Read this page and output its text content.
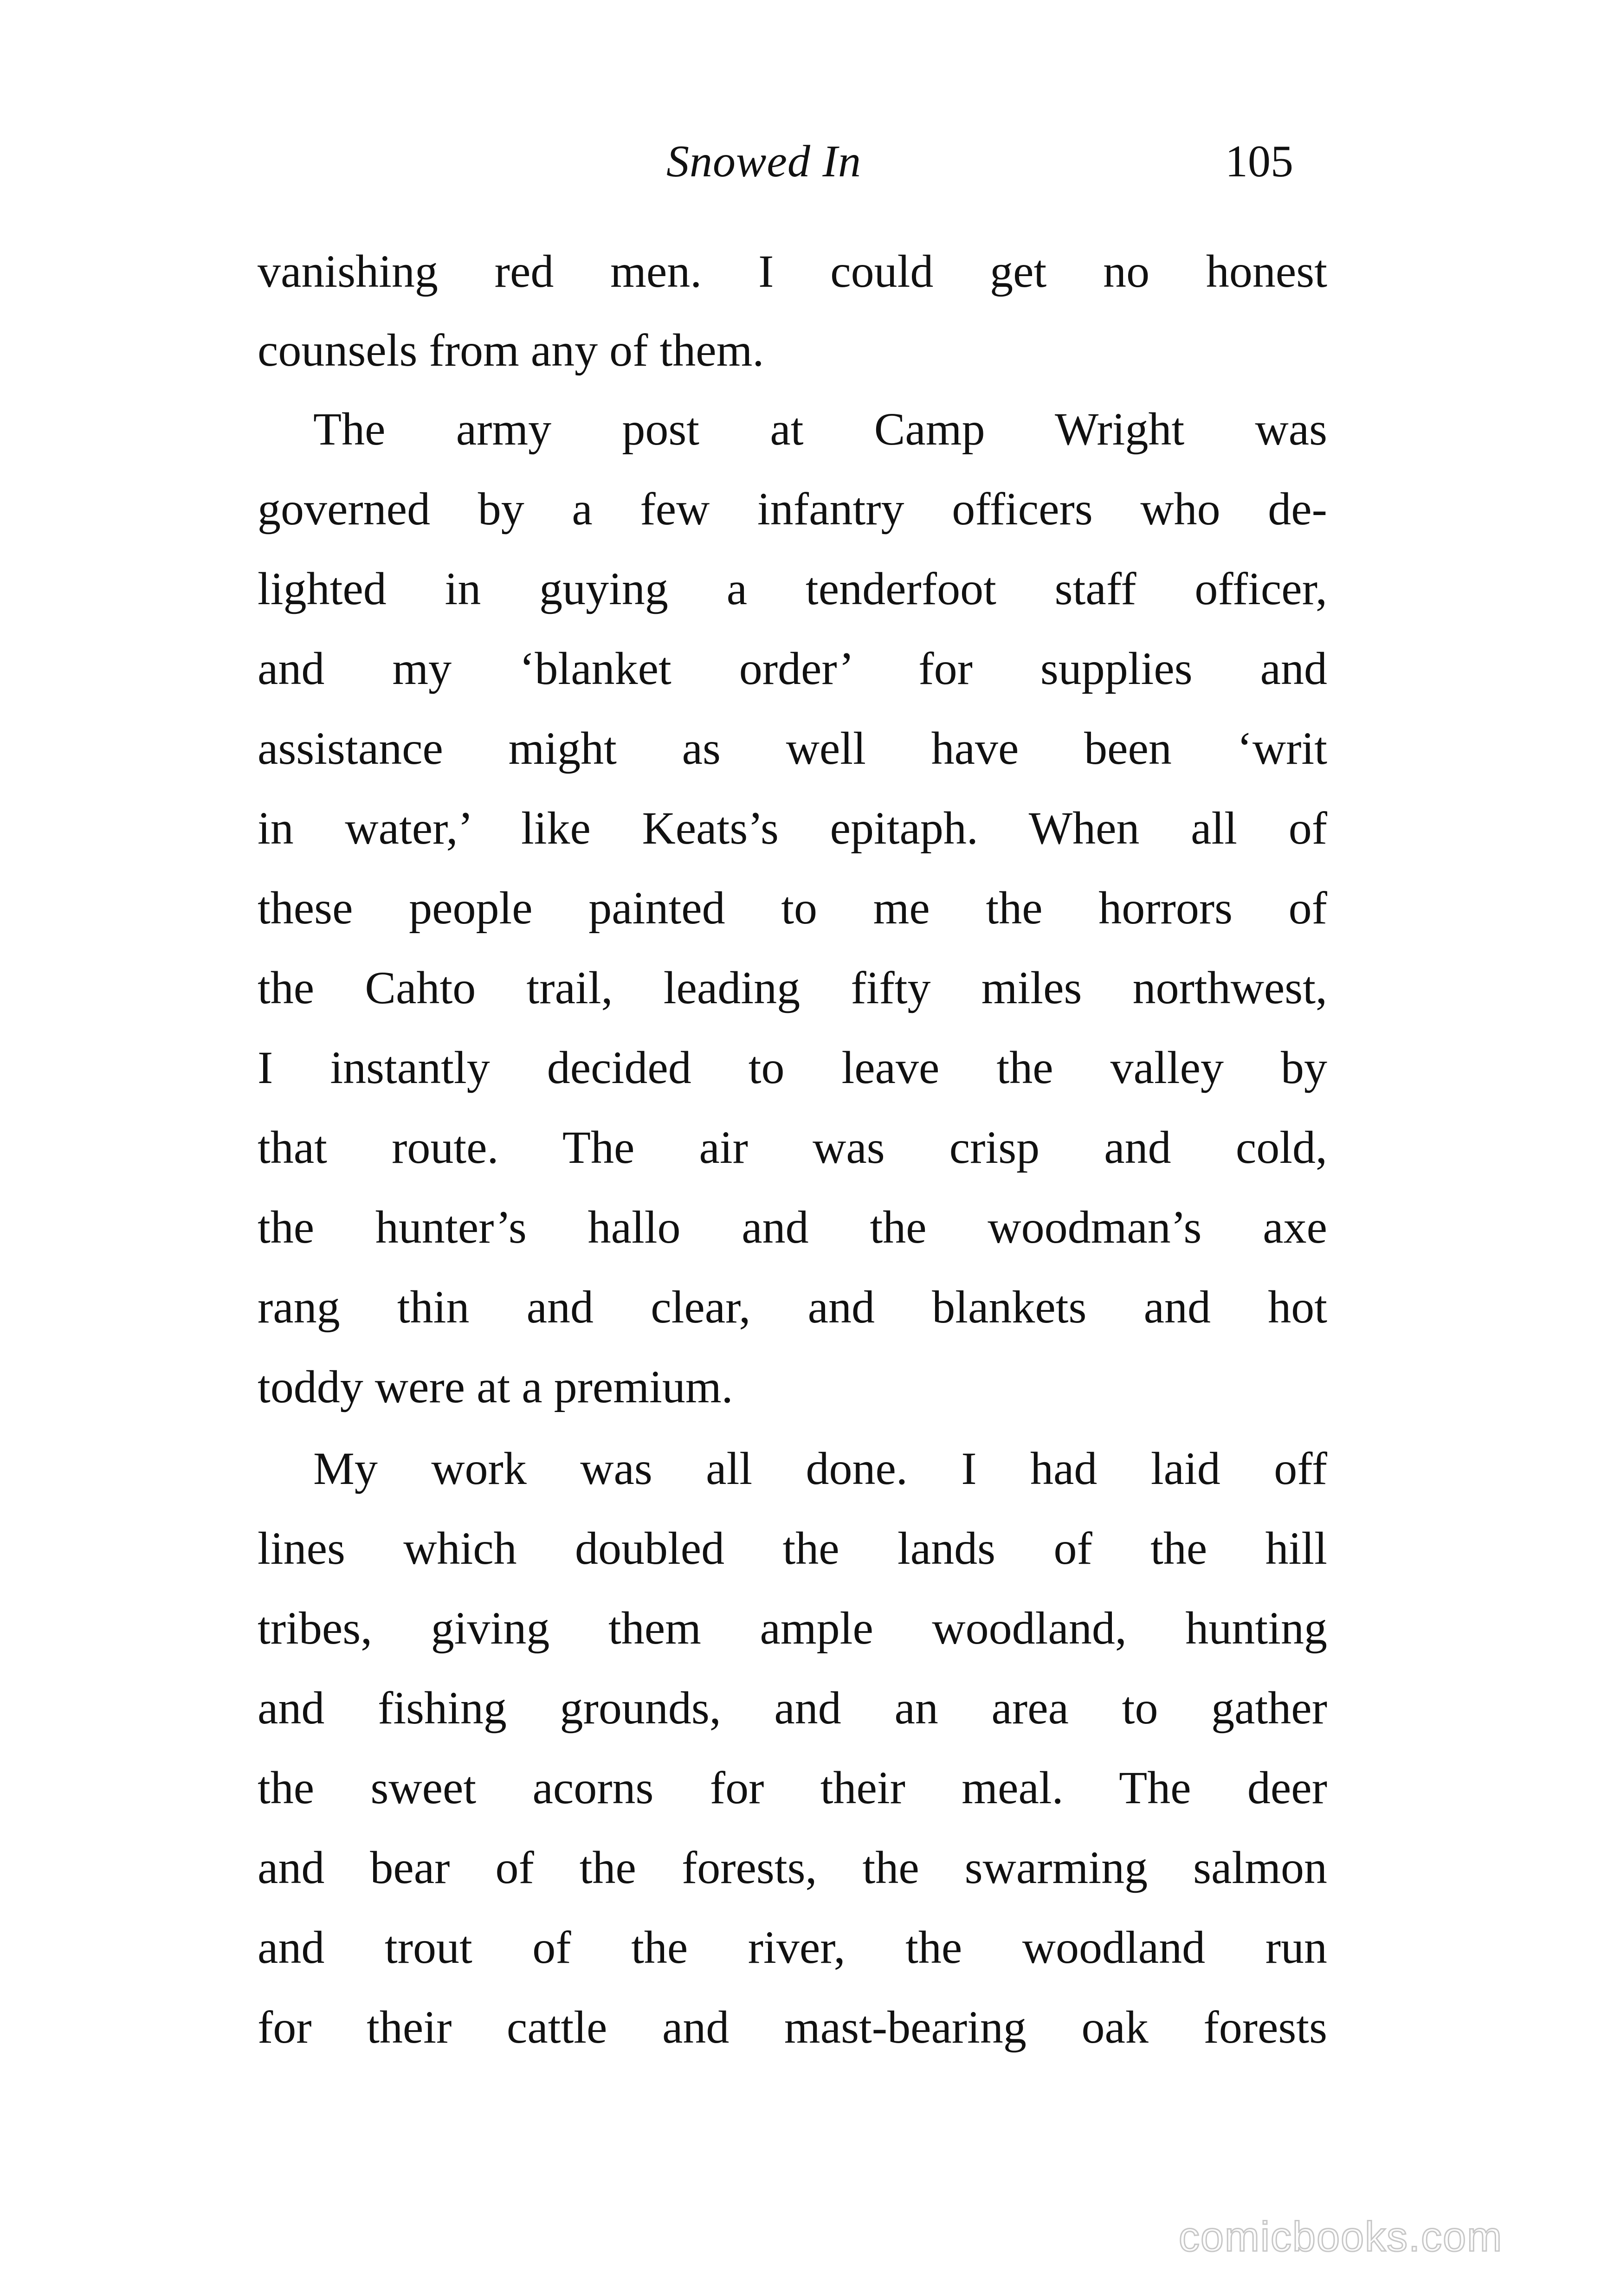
Snowed In	105
vanishing red men. I could get no honest
counsels from any of them.
The army post at Camp Wright was
governed by a few infantry officers who de-
lighted in guying a tenderfoot staff officer,
and my ‘blanket order’ for supplies and
assistance might as well have been ‘writ
in water,’ like Keats’s epitaph. When all of
these people painted to me the horrors of
the Cahto trail, leading fifty miles northwest,
I instantly decided to leave the valley by
that route. The air was crisp and cold,
the hunter’s hallo and the woodman’s axe
rang thin and clear, and blankets and hot
toddy were at a premium.
My work was all done. I had laid off
lines which doubled the lands of the hill
tribes, giving them ample woodland, hunting
and fishing grounds, and an area to gather
the sweet acorns for their meal. The deer
and bear of the forests, the swarming salmon
and trout of the river, the woodland run
for their cattle and mast-bearing oak forests
comicbooks.com
